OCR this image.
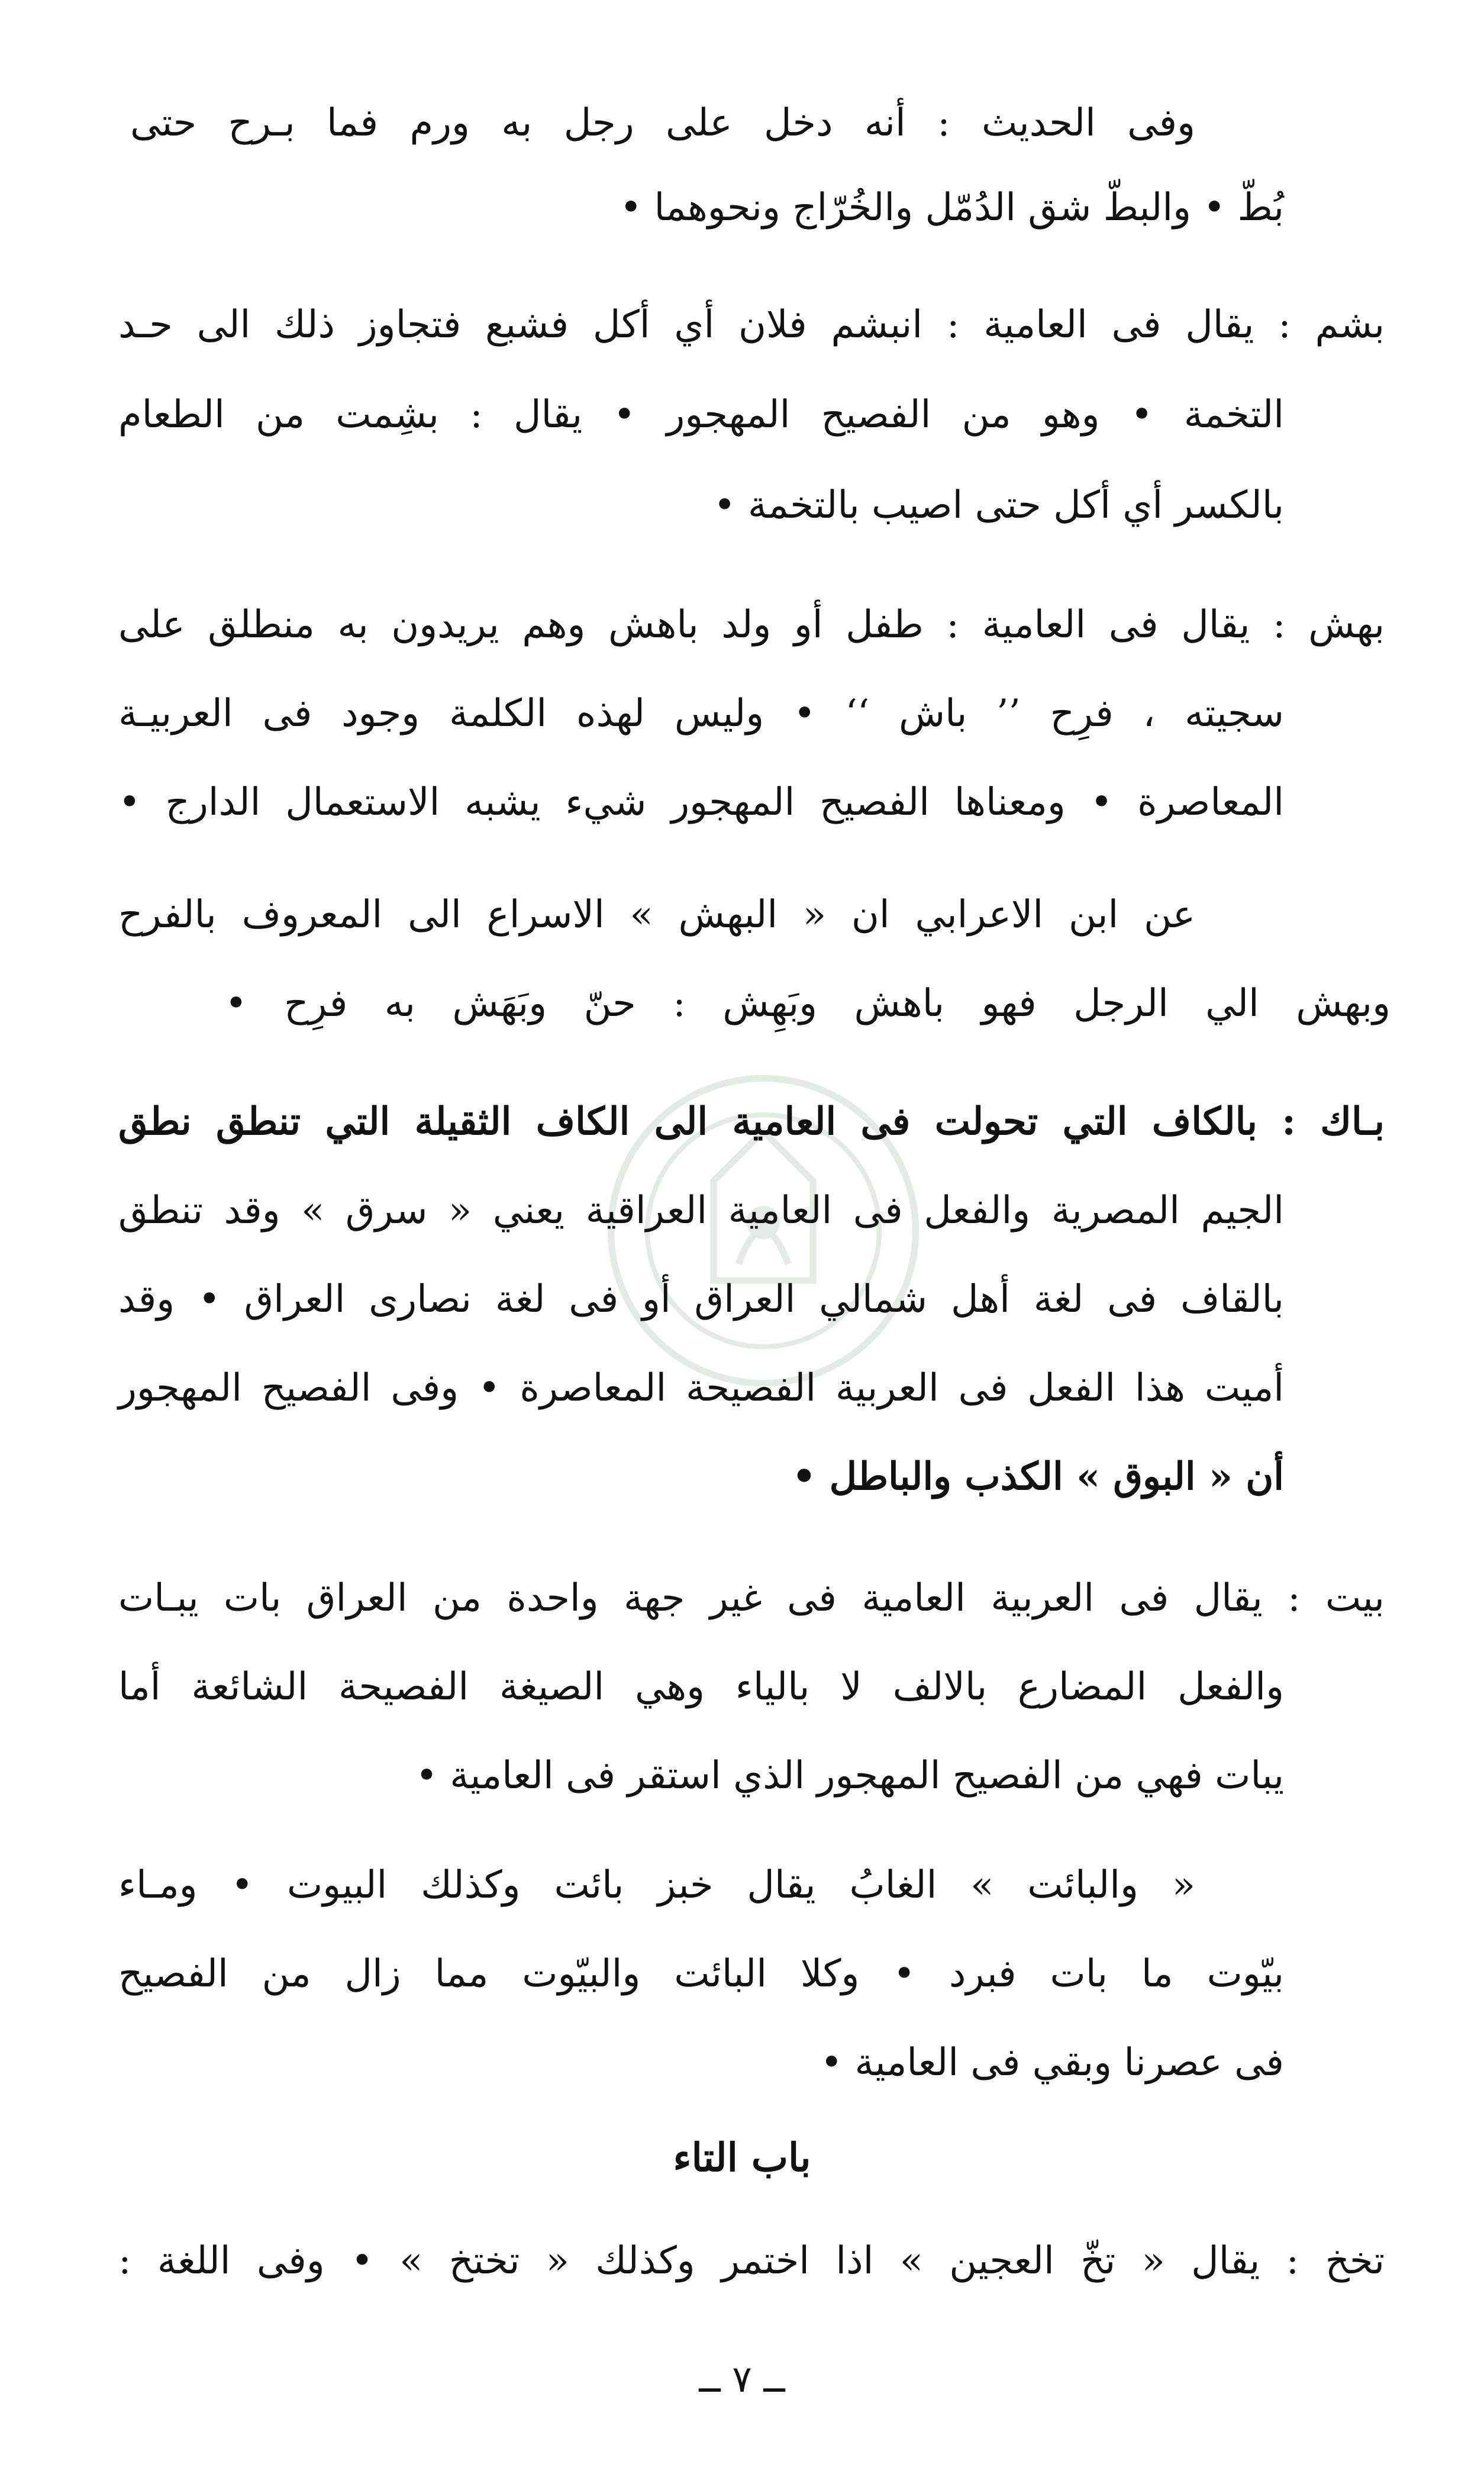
وفى الحديث : أنه دخل على رجل به ورم فما بـرح حتى
بُطّ • والبطّ شق الدُمّل والخُرّاج ونحوهما •
بشم : يقال فى العامية : انبشم فلان أي أكل فشبع فتجاوز ذلك الى حـد
التخمة • وهو من الفصيح المهجور • يقال : بشِمت من الطعام
بالكسر أي أكل حتى اصيب بالتخمة •
بهش : يقال فى العامية : طفل أو ولد باهش وهم يريدون به منطلق على
سجيته ، فرِح ’’ باش ‘‘ • وليس لهذه الكلمة وجود فى العربيـة
المعاصرة • ومعناها الفصيح المهجور شيء يشبه الاستعمال الدارج •
عن ابن الاعرابي ان « البهش » الاسراع الى المعروف بالفرح
وبهش الي الرجل فهو باهش وبَهِش : حنّ وبَهَش به فرِح •
بـاك : بالكاف التي تحولت فى العامية الى الكاف الثقيلة التي تنطق نطق
الجيم المصرية والفعل فى العامية العراقية يعني « سرق » وقد تنطق
بالقاف فى لغة أهل شمالي العراق أو فى لغة نصارى العراق • وقد
أميت هذا الفعل فى العربية الفصيحة المعاصرة • وفى الفصيح المهجور
أن « البوق » الكذب والباطل •
بيت : يقال فى العربية العامية فى غير جهة واحدة من العراق بات يبـات
والفعل المضارع بالالف لا بالياء وهي الصيغة الفصيحة الشائعة أما
يبات فهي من الفصيح المهجور الذي استقر فى العامية •
« والبائت » الغابُ يقال خبز بائت وكذلك البيوت • ومـاء
بيّوت ما بات فبرد • وكلا البائت والبيّوت مما زال من الفصيح
فى عصرنا وبقي فى العامية •
باب التاء
تخخ : يقال « تخّ العجين » اذا اختمر وكذلك « تختخ » • وفى اللغة :
ــ ٧ ــ
